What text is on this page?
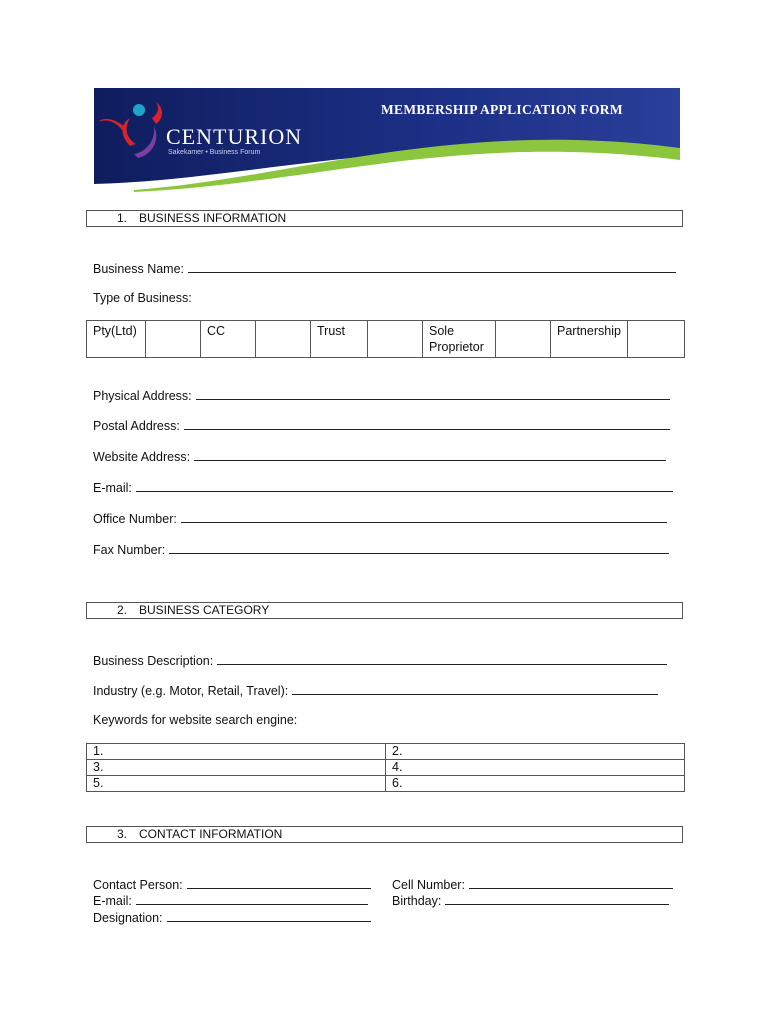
CENTURION
Sakekamer • Business Forum
MEMBERSHIP APPLICATION FORM
1. BUSINESS INFORMATION
Business Name:
Type of Business:
Pty(Ltd)		CC		Trust		Sole Proprietor		Partnership	
Physical Address:
Postal Address:
Website Address:
E-mail:
Office Number:
Fax Number:
2. BUSINESS CATEGORY
Business Description:
Industry (e.g. Motor, Retail, Travel):
Keywords for website search engine:
1.	2.
3.	4.
5.	6.
3. CONTACT INFORMATION
Contact Person:	Cell Number:
E-mail:	Birthday:
Designation:
